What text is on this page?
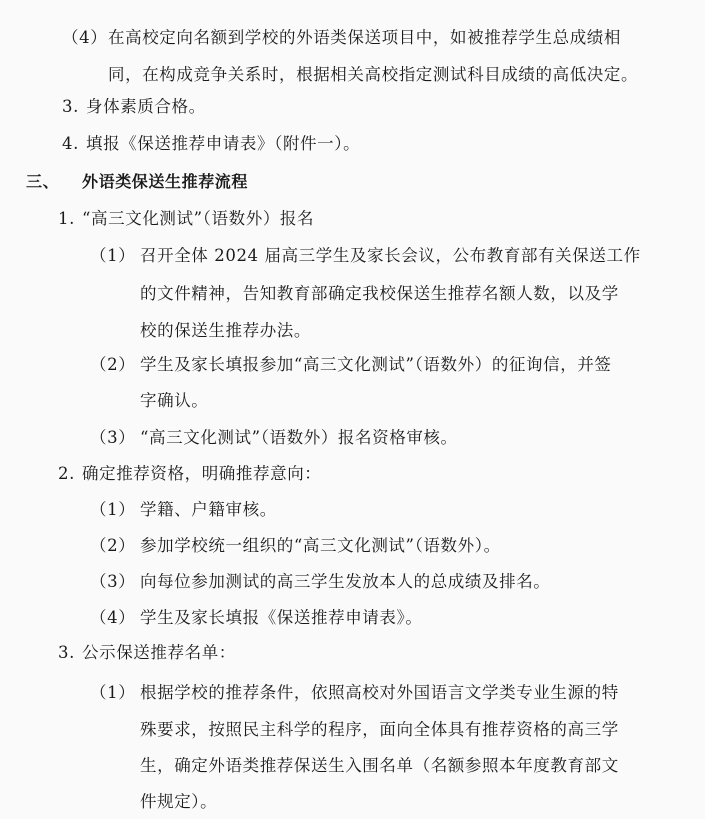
（4）在高校定向名额到学校的外语类保送项目中，如被推荐学生总成绩相
同，在构成竞争关系时，根据相关高校指定测试科目成绩的高低决定。
3. 身体素质合格。
4. 填报《保送推荐申请表》（附件一）。
三、 外语类保送生推荐流程
1. “高三文化测试”（语数外）报名
（1） 召开全体 2024 届高三学生及家长会议，公布教育部有关保送工作
的文件精神，告知教育部确定我校保送生推荐名额人数，以及学
校的保送生推荐办法。
（2） 学生及家长填报参加“高三文化测试”（语数外）的征询信，并签
字确认。
（3） “高三文化测试”（语数外）报名资格审核。
2. 确定推荐资格，明确推荐意向：
（1） 学籍、户籍审核。
（2） 参加学校统一组织的“高三文化测试”（语数外）。
（3） 向每位参加测试的高三学生发放本人的总成绩及排名。
（4） 学生及家长填报《保送推荐申请表》。
3. 公示保送推荐名单：
（1） 根据学校的推荐条件，依照高校对外国语言文学类专业生源的特
殊要求，按照民主科学的程序，面向全体具有推荐资格的高三学
生，确定外语类推荐保送生入围名单（名额参照本年度教育部文
件规定）。
